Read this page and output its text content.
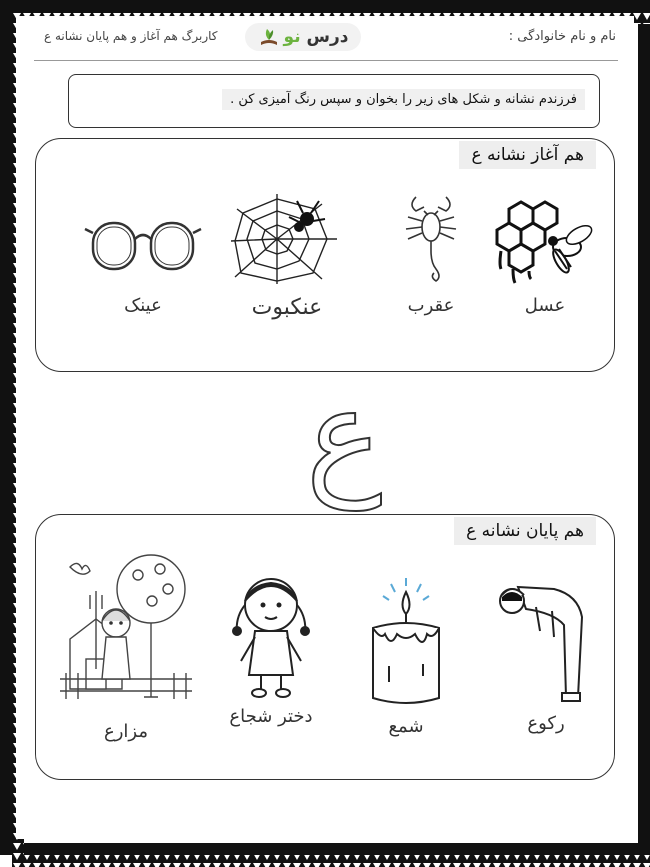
نام و نام خانوادگی :
درس نو
کاربرگ هم آغاز و هم پایان نشانه ع
فرزندم نشانه و شکل های زیر را بخوان و سپس رنگ آمیزی کن .
هم آغاز نشانه ع
عسل
عقرب
عنکبوت
عینک
ع
هم پایان نشانه ع
رکوع
شمع
دختر شجاع
مزارع
